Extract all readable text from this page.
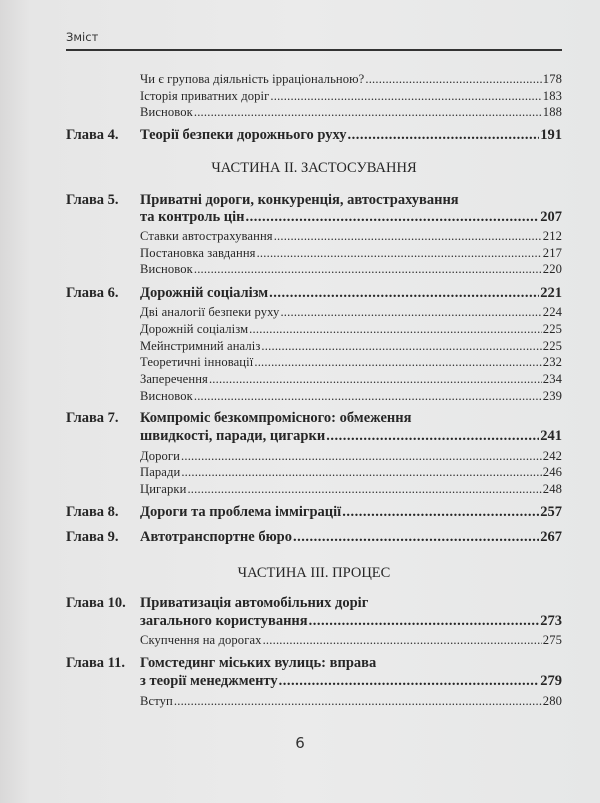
Зміст
Чи є групова діяльність ірраціональною? .....	178
Історія приватних доріг .....	183
Висновок .....	188
Глава 4.	Теорії безпеки дорожнього руху .....	191
ЧАСТИНА II. ЗАСТОСУВАННЯ
Глава 5.	Приватні дороги, конкуренція, автострахування
та контроль цін .....	207
Ставки автострахування .....	212
Постановка завдання .....	217
Висновок .....	220
Глава 6.	Дорожній соціалізм .....	221
Дві аналогії безпеки руху .....	224
Дорожній соціалізм .....	225
Мейнстримний аналіз .....	225
Теоретичні інновації .....	232
Заперечення .....	234
Висновок .....	239
Глава 7.	Компроміс безкомпромісного: обмеження
швидкості, паради, цигарки .....	241
Дороги .....	242
Паради .....	246
Цигарки .....	248
Глава 8.	Дороги та проблема імміграції .....	257
Глава 9.	Автотранспортне бюро .....	267
ЧАСТИНА III. ПРОЦЕС
Глава 10. Приватизація автомобільних доріг
загального користування .....	273
Скупчення на дорогах .....	275
Глава 11.	Гомстединг міських вулиць: вправа
з теорії менеджменту .....	279
Вступ .....	280
6
